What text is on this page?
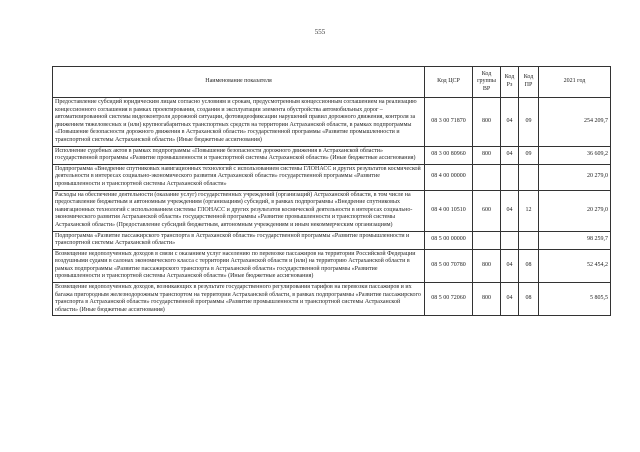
555
Наименование показателя	Код ЦСР	Код группы ВР	Код Рз	Код ПР	2021 год
Предоставление субсидий юридическим лицам согласно условиям и срокам, предусмотренным концессионным соглашением на реализацию концессионного соглашения в рамках проектирования, создания и эксплуатации элемента обустройства автомобильных дорог – автоматизированной системы видеоконтроля дорожной ситуации, фотовидеофиксации нарушений правил дорожного движения, контроля за движением тяжеловесных и (или) крупногабаритных транспортных средств на территории Астраханской области, в рамках подпрограммы «Повышение безопасности дорожного движения в Астраханской области» государственной программы «Развитие промышленности и транспортной системы Астраханской области» (Иные бюджетные ассигнования)	08 3 00 71870	800	04	09	254 209,7
Исполнение судебных актов в рамках подпрограммы «Повышение безопасности дорожного движения в Астраханской области» государственной программы «Развитие промышленности и транспортной системы Астраханской области» (Иные бюджетные ассигнования)	08 3 00 80960	800	04	09	36 609,2
Подпрограмма «Внедрение спутниковых навигационных технологий с использованием системы ГЛОНАСС и других результатов космической деятельности в интересах социально-экономического развития Астраханской области» государственной программы «Развитие промышленности и транспортной системы Астраханской области»	08 4 00 00000				20 279,0
Расходы на обеспечение деятельности (оказание услуг) государственных учреждений (организаций) Астраханской области, в том числе на предоставление бюджетным и автономным учреждениям (организациям) субсидий, в рамках подпрограммы «Внедрение спутниковых навигационных технологий с использованием системы ГЛОНАСС и других результатов космической деятельности в интересах социально-экономического развития Астраханской области» государственной программы «Развитие промышленности и транспортной системы Астраханской области» (Предоставление субсидий бюджетным, автономным учреждениям и иным некоммерческим организациям)	08 4 00 10510	600	04	12	20 279,0
Подпрограмма «Развитие пассажирского транспорта в Астраханской области» государственной программы «Развитие промышленности и транспортной системы Астраханской области»	08 5 00 00000				98 259,7
Возмещение недополученных доходов в связи с оказанием услуг населению по перевозке пассажиров на территории Российской Федерации воздушными судами в салонах экономического класса с территории Астраханской области и (или) на территорию Астраханской области в рамках подпрограммы «Развитие пассажирского транспорта в Астраханской области» государственной программы «Развитие промышленности и транспортной системы Астраханской области» (Иные бюджетные ассигнования)	08 5 00 70780	800	04	08	52 454,2
Возмещение недополученных доходов, возникающих в результате государственного регулирования тарифов на перевозки пассажиров и их багажа пригородным железнодорожным транспортом на территории Астраханской области, в рамках подпрограммы «Развитие пассажирского транспорта в Астраханской области» государственной программы «Развитие промышленности и транспортной системы Астраханской области» (Иные бюджетные ассигнования)	08 5 00 72060	800	04	08	5 805,5
